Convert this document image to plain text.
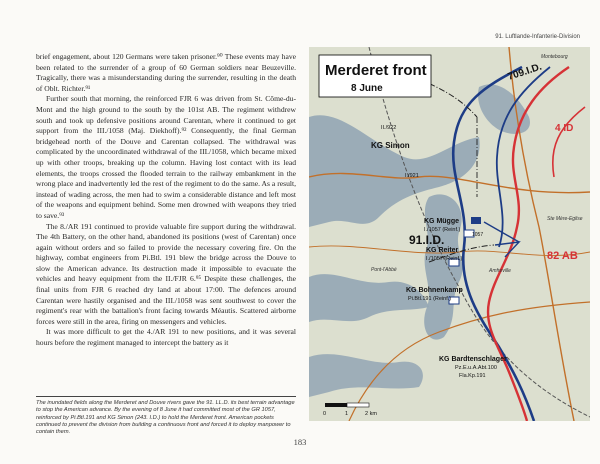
91. Luftlande-Infanterie-Division

brief engagement, about 120 Germans were taken prisoner.⁹⁰ These events may have been related to the surrender of a group of 60 German soldiers near Beuzeville. Tragically, there was a misunderstanding during the surrender, resulting in the death of Oblt. Richter.⁹¹

Further south that morning, the reinforced FJR 6 was driven from St. Côme-du-Mont and the high ground to the south by the 101st AB. The regiment withdrew south and took up defensive positions around Carentan, where it continued to get support from the III./1058 (Maj. Diekhoff).⁹² Consequently, the final German bridgehead north of the Douve and Carentan collapsed. The withdrawal was complicated by the uncoordinated withdrawal of the III./1058, which became mixed up with other troops, breaking up the column. Having lost contact with its lead elements, the troops crossed the flooded terrain to the railway embankment in the wrong place and inadvertently led the rest of the regiment to do the same. As a result, instead of wading across, the men had to swim a considerable distance and left most of the weapons and equipment behind. Some men drowned with weapons they tried to save.⁹³

The 8./AR 191 continued to provide valuable fire support during the withdrawal. The 4th Battery, on the other hand, abandoned its positions (west of Carentan) once again without orders and so failed to provide the necessary covering fire. On the highway, combat engineers from Pi.Btl. 191 blew the bridge across the Douve to slow the American advance. Its destruction made it impossible to evacuate the vehicles and heavy equipment from the II./FJR 6.⁹⁵ Despite these challenges, the final units from FJR 6 reached dry land at about 17:00. The defences around Carentan were hastily organised and the III./1058 was sent southwest to cover the regiment's rear with the battalion's front facing towards Méautis. Scattered airborne forces were still in the area, firing on messengers and vehicles.

It was more difficult to get the 4./AR 191 to new positions, and it was several hours before the regiment managed to intercept the battery as it

The inundated fields along the Merderet and Douve rivers gave the 91. LL.D. its best terrain advantage to stop the American advance. By the evening of 8 June it had committed most of the GR 1057, reinforced by Pi.Btl.191 and KG Simon (243. I.D.) to hold the Merderet front. American pockets continued to prevent the division from building a continuous front and forced it to deploy manpower to contain them.
183
Merderet front
8 June
709.I.D.
4 ID
91.I.D.
82 AB
KG Simon
KG Mügge
I./1057 (Reinf.)
KG Reiter
I./1057 (Reinf.)
KG Bohnenkamp
Pi.Btl.191 (Reinf.)
KG Bardtenschlager
Pz.E.u.A.Abt.100
Fla.Kp.191
II./922
I./921
1057
Montebourg
Ste Mère-Eglise
Pont-l'Abbé	Amfreville
0	1	2 km
